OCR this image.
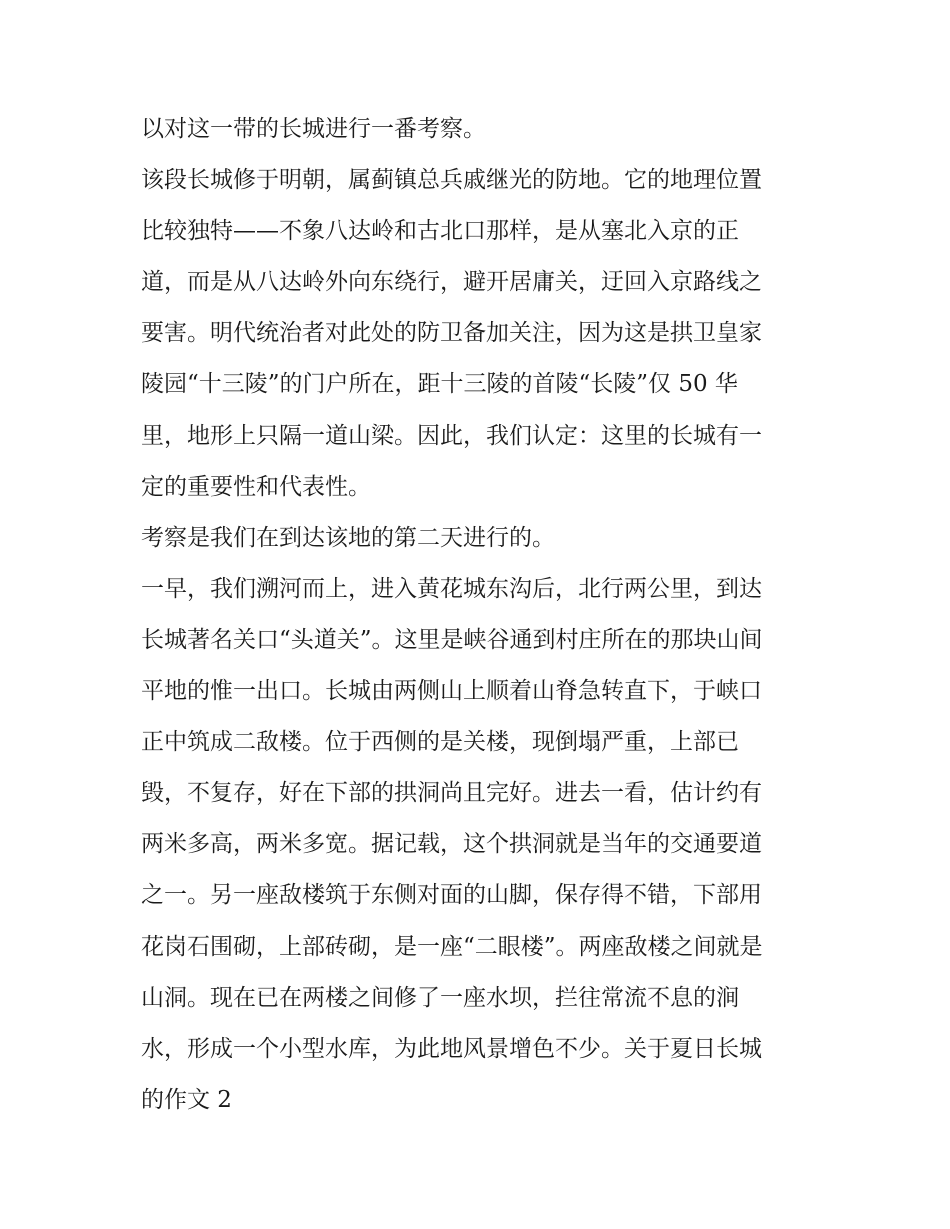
以对这一带的长城进行一番考察。

该段长城修于明朝，属蓟镇总兵戚继光的防地。它的地理位置

比较独特——不象八达岭和古北口那样，是从塞北入京的正

道，而是从八达岭外向东绕行，避开居庸关，迂回入京路线之

要害。明代统治者对此处的防卫备加关注，因为这是拱卫皇家

陵园“十三陵”的门户所在，距十三陵的首陵“长陵”仅 50 华

里，地形上只隔一道山梁。因此，我们认定：这里的长城有一

定的重要性和代表性。

考察是我们在到达该地的第二天进行的。

一早，我们溯河而上，进入黄花城东沟后，北行两公里，到达

长城著名关口“头道关”。这里是峡谷通到村庄所在的那块山间

平地的惟一出口。长城由两侧山上顺着山脊急转直下，于峡口

正中筑成二敌楼。位于西侧的是关楼，现倒塌严重，上部已

毁，不复存，好在下部的拱洞尚且完好。进去一看，估计约有

两米多高，两米多宽。据记载，这个拱洞就是当年的交通要道

之一。另一座敌楼筑于东侧对面的山脚，保存得不错，下部用

花岗石围砌，上部砖砌，是一座“二眼楼”。两座敌楼之间就是

山洞。现在已在两楼之间修了一座水坝，拦往常流不息的涧

水，形成一个小型水库，为此地风景增色不少。关于夏日长城

的作文 2
